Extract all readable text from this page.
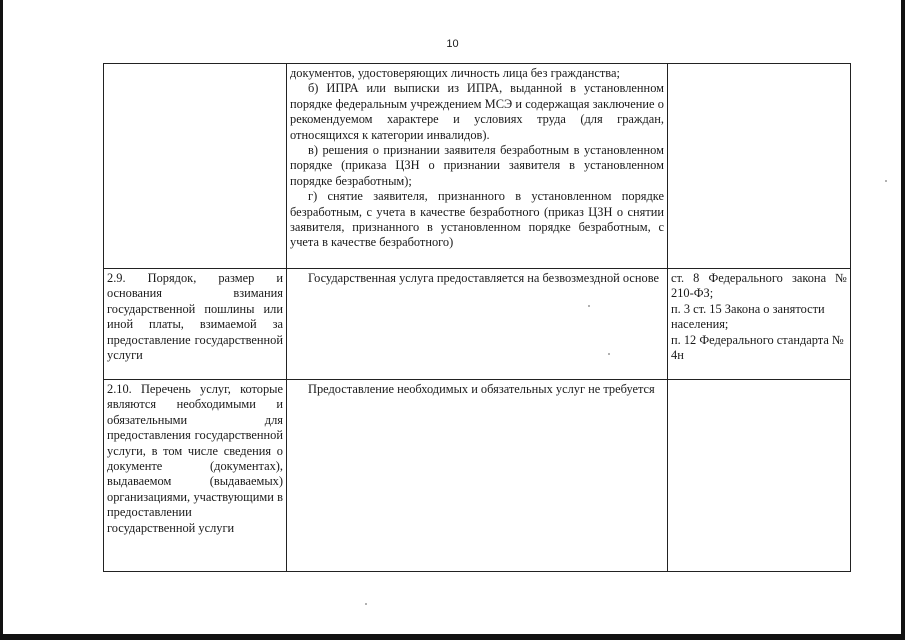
10

	документов, удостоверяющих личность лица без гражданства;

б) ИПРА или выписки из ИПРА, выданной в установленном порядке федеральным учреждением МСЭ и содержащая заключение о рекомендуемом характере и условиях труда (для граждан, относящихся к категории инвалидов).

в) решения о признании заявителя безработным в установленном порядке (приказа ЦЗН о признании заявителя в установленном порядке безработным);

г) снятие заявителя, признанного в установленном порядке безработным, с учета в качестве безработного (приказ ЦЗН о снятии заявителя, признанного в установленном порядке безработным, с учета в качестве безработного)	

2.9. Порядок, размер и основания взимания государственной пошлины или иной платы, взимаемой за предоставление государственной услуги	Государственная услуга предоставляется на безвозмездной основе	ст. 8 Федерального закона № 210-ФЗ;

п. 3 ст. 15 Закона о занятости населения;

п. 12 Федерального стандарта № 4н

2.10. Перечень услуг, которые являются необходимыми и обязательными для предоставления государственной услуги, в том числе сведения о документе (документах), выдаваемом (выдаваемых) организациями, участвующими в предоставлении государственной услуги	Предоставление необходимых и обязательных услуг не требуется	
